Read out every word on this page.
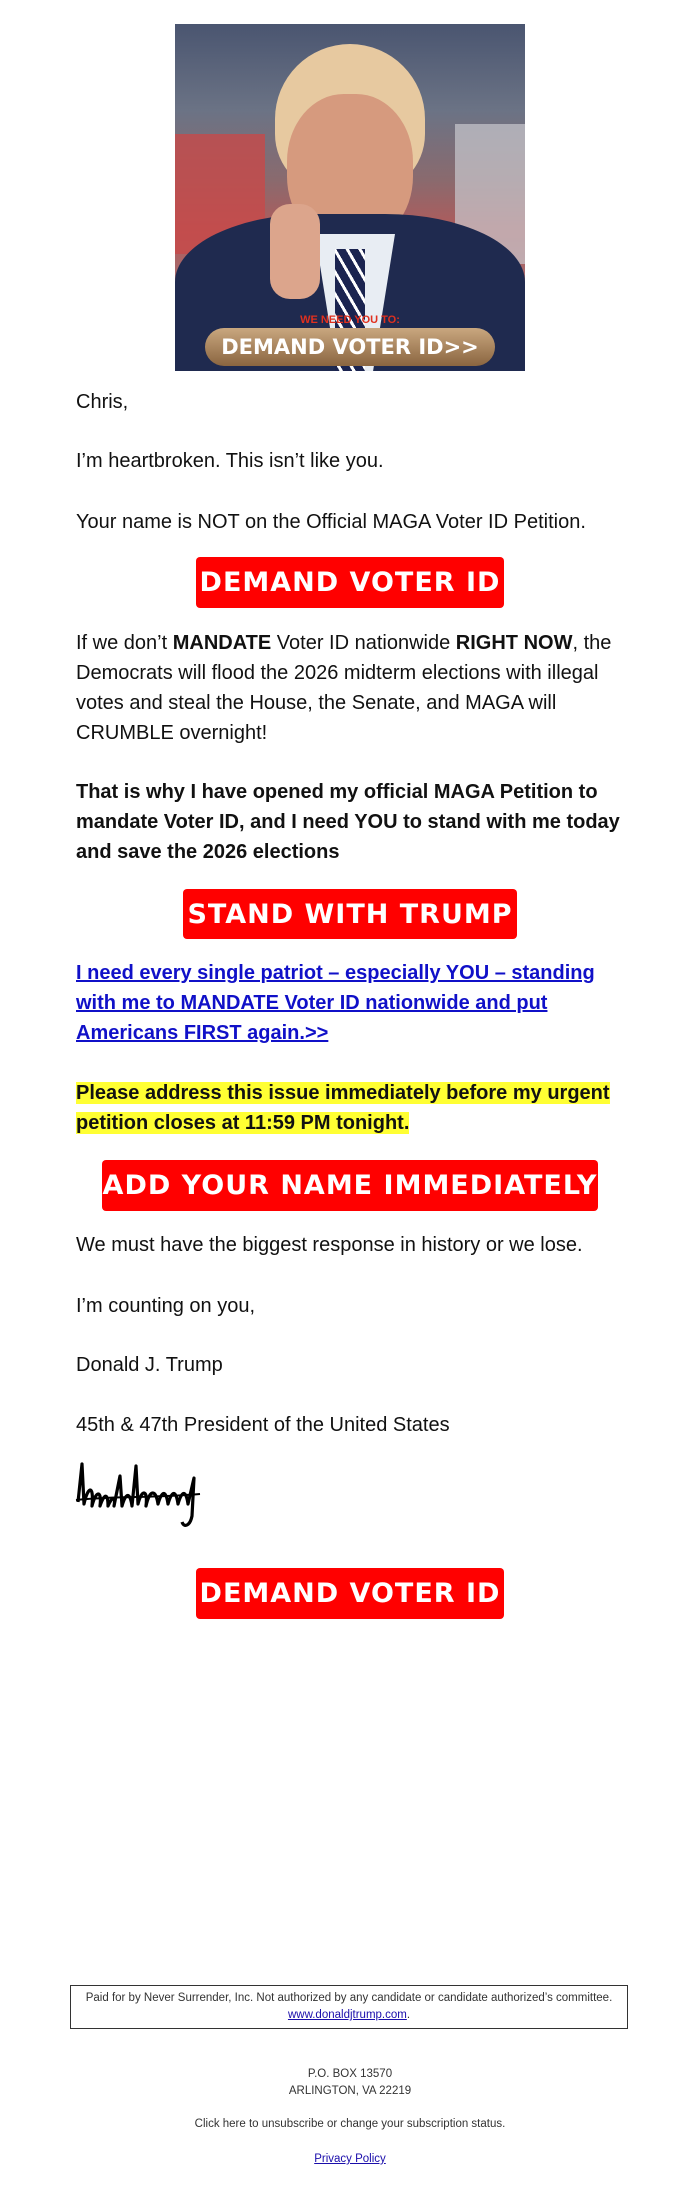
WE NEED YOU TO:
DEMAND VOTER ID>>
Chris,
I’m heartbroken. This isn’t like you.
Your name is NOT on the Official MAGA Voter ID Petition.
DEMAND VOTER ID
If we don’t MANDATE Voter ID nationwide RIGHT NOW, the Democrats will flood the 2026 midterm elections with illegal votes and steal the House, the Senate, and MAGA will CRUMBLE overnight!
That is why I have opened my official MAGA Petition to mandate Voter ID, and I need YOU to stand with me today and save the 2026 elections
STAND WITH TRUMP
I need every single patriot – especially YOU – standing with me to MANDATE Voter ID nationwide and put Americans FIRST again.>>
Please address this issue immediately before my urgent petition closes at 11:59 PM tonight.
ADD YOUR NAME IMMEDIATELY
We must have the biggest response in history or we lose.
I’m counting on you,
Donald J. Trump
45th & 47th President of the United States
DEMAND VOTER ID
Paid for by Never Surrender, Inc. Not authorized by any candidate or candidate authorized’s committee.
www.donaldjtrump.com.
P.O. BOX 13570
ARLINGTON, VA 22219
Click here to unsubscribe or change your subscription status.
Privacy Policy
